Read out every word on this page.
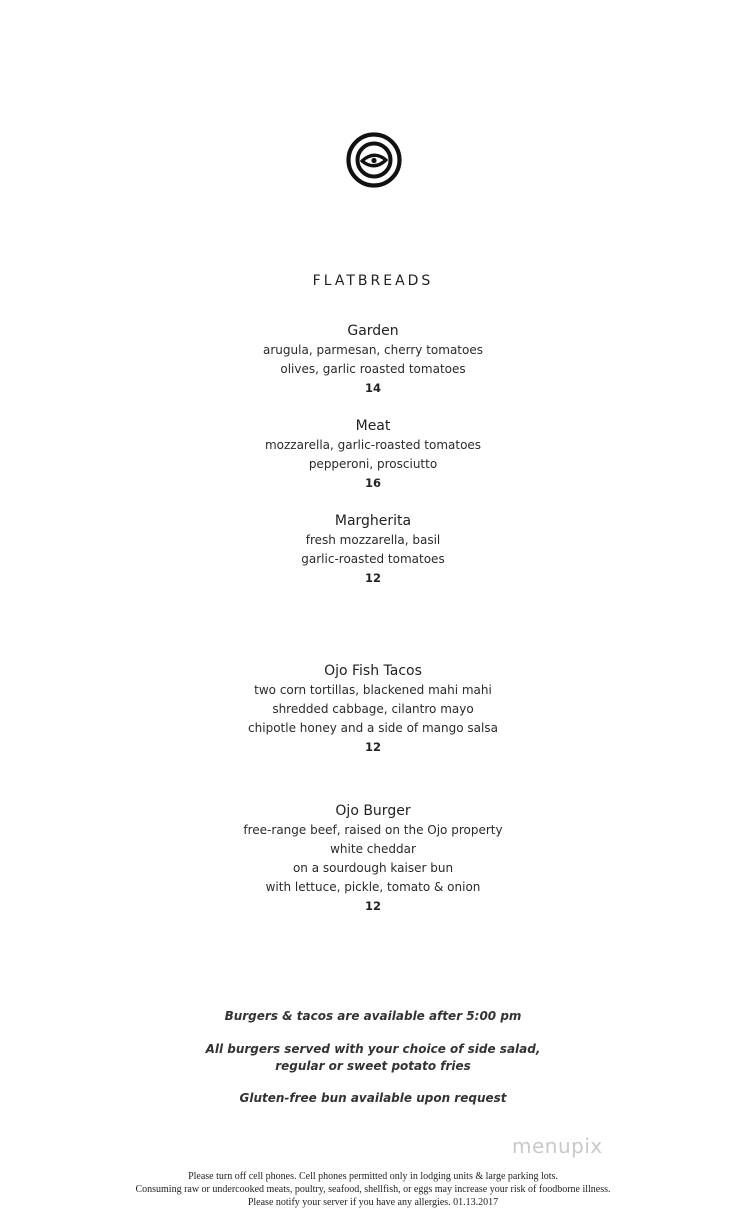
FLATBREADS
Garden
arugula, parmesan, cherry tomatoes
olives, garlic roasted tomatoes
14
Meat
mozzarella, garlic-roasted tomatoes
pepperoni, prosciutto
16
Margherita
fresh mozzarella, basil
garlic-roasted tomatoes
12
Ojo Fish Tacos
two corn tortillas, blackened mahi mahi
shredded cabbage, cilantro mayo
chipotle honey and a side of mango salsa
12
Ojo Burger
free-range beef, raised on the Ojo property
white cheddar
on a sourdough kaiser bun
with lettuce, pickle, tomato & onion
12
Burgers & tacos are available after 5:00 pm
All burgers served with your choice of side salad,
regular or sweet potato fries
Gluten-free bun available upon request
menupix
Please turn off cell phones. Cell phones permitted only in lodging units & large parking lots.
Consuming raw or undercooked meats, poultry, seafood, shellfish, or eggs may increase your risk of foodborne illness.
Please notify your server if you have any allergies. 01.13.2017
